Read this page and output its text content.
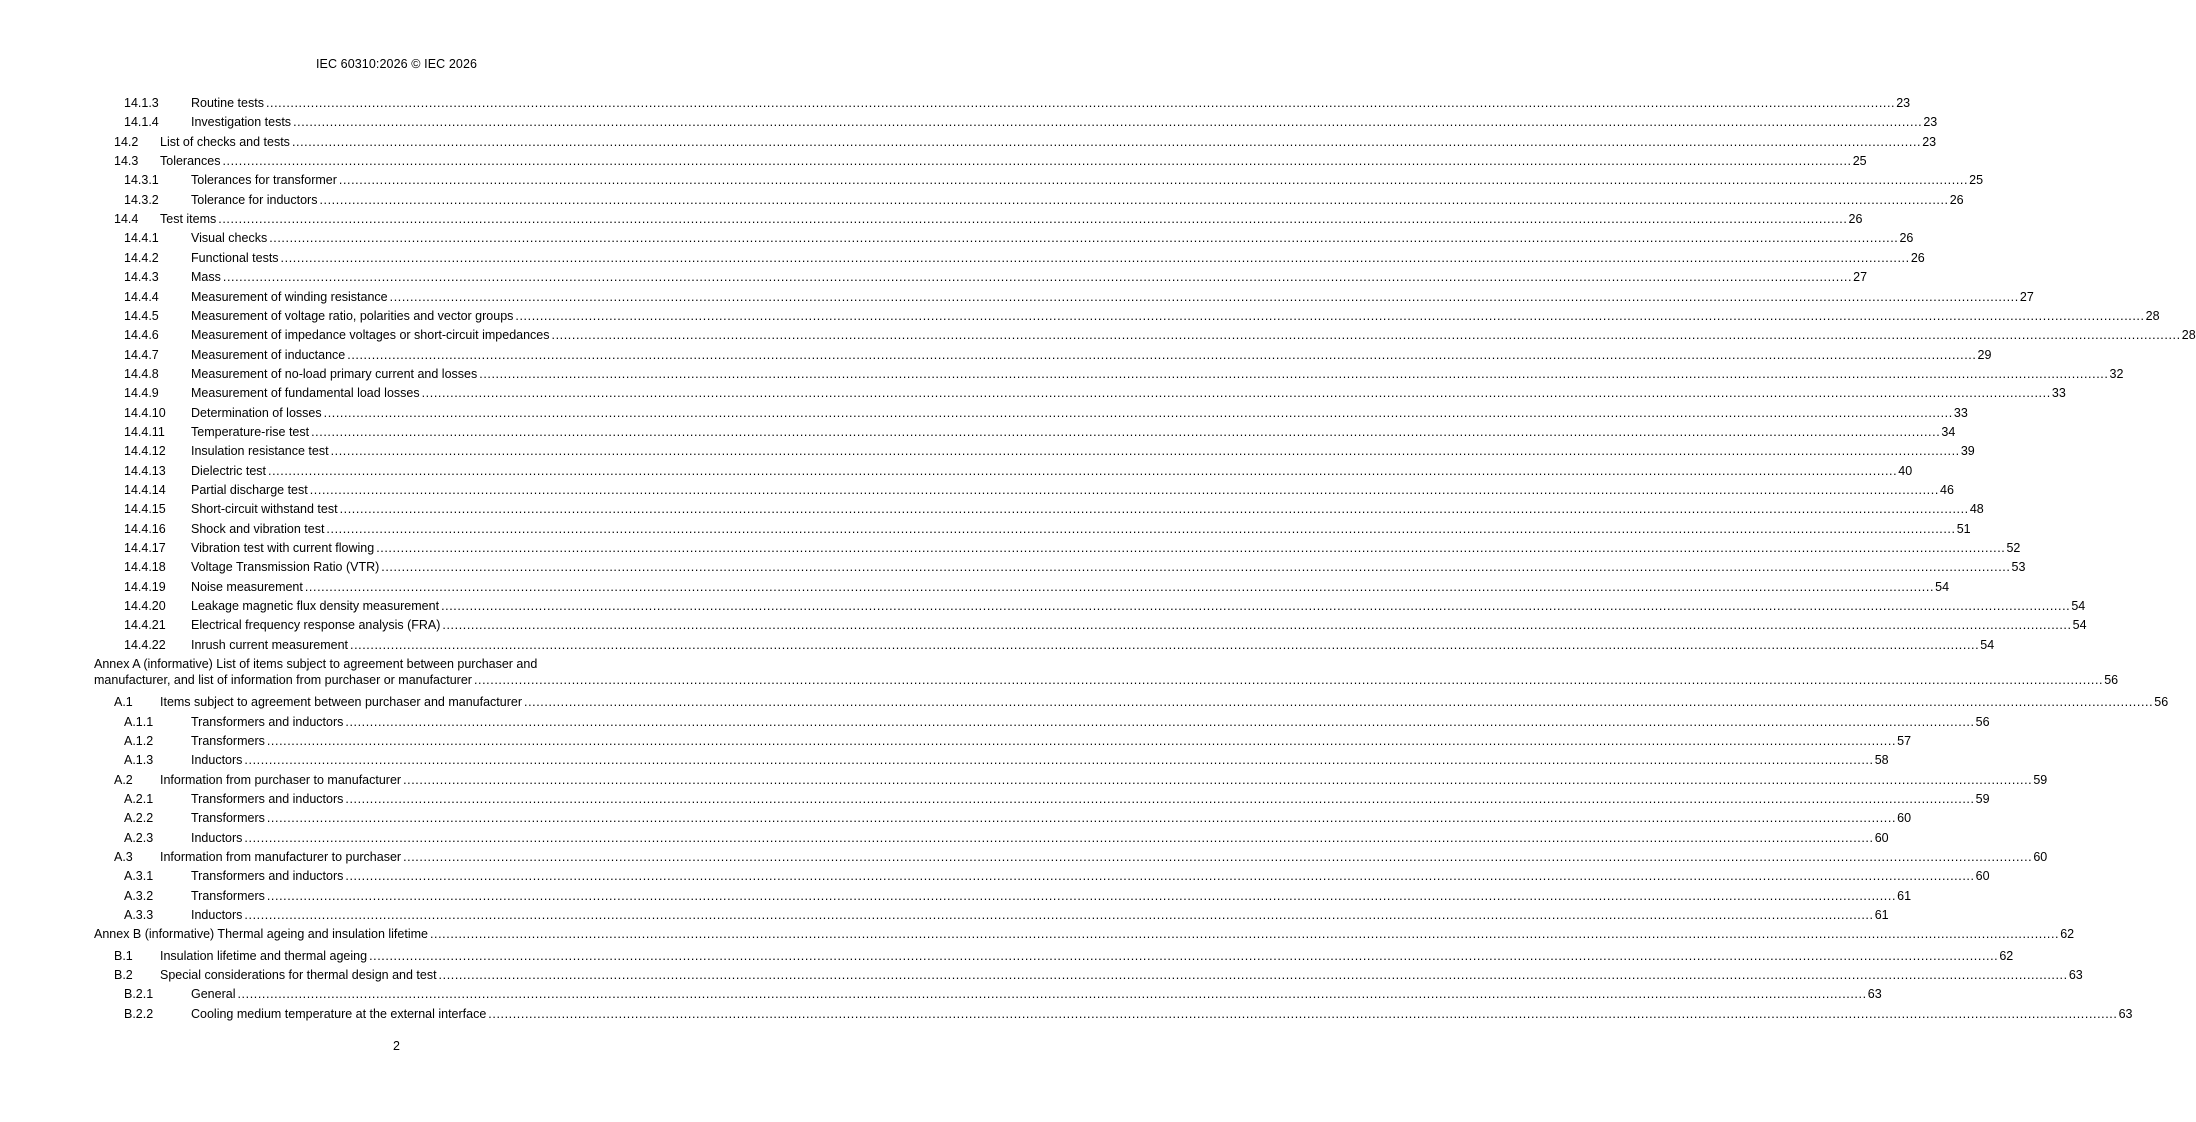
IEC 60310:2026 © IEC 2026
14.1.3	Routine tests ................................................................................................................................................................................................................................................................................................................................................................................................................ 23
14.1.4	Investigation tests ................................................................................................................................................................................................................................................................................................................................................................................................................ 23
14.2 List of checks and tests ................................................................................................................................................................................................................................................................................................................................................................................................................ 23
14.3 Tolerances ................................................................................................................................................................................................................................................................................................................................................................................................................ 25
14.3.1	Tolerances for transformer ................................................................................................................................................................................................................................................................................................................................................................................................................ 25
14.3.2	Tolerance for inductors ................................................................................................................................................................................................................................................................................................................................................................................................................ 26
14.4 Test items ................................................................................................................................................................................................................................................................................................................................................................................................................ 26
14.4.1	Visual checks ................................................................................................................................................................................................................................................................................................................................................................................................................ 26
14.4.2	Functional tests ................................................................................................................................................................................................................................................................................................................................................................................................................ 26
14.4.3	Mass ................................................................................................................................................................................................................................................................................................................................................................................................................ 27
14.4.4	Measurement of winding resistance ................................................................................................................................................................................................................................................................................................................................................................................................................ 27
14.4.5	Measurement of voltage ratio, polarities and vector groups ................................................................................................................................................................................................................................................................................................................................................................................................................ 28
14.4.6	Measurement of impedance voltages or short-circuit impedances ................................................................................................................................................................................................................................................................................................................................................................................................................ 28
14.4.7	Measurement of inductance ................................................................................................................................................................................................................................................................................................................................................................................................................ 29
14.4.8	Measurement of no-load primary current and losses ................................................................................................................................................................................................................................................................................................................................................................................................................ 32
14.4.9	Measurement of fundamental load losses ................................................................................................................................................................................................................................................................................................................................................................................................................ 33
14.4.10 Determination of losses ................................................................................................................................................................................................................................................................................................................................................................................................................ 33
14.4.11 Temperature-rise test ................................................................................................................................................................................................................................................................................................................................................................................................................ 34
14.4.12 Insulation resistance test ................................................................................................................................................................................................................................................................................................................................................................................................................ 39
14.4.13 Dielectric test ................................................................................................................................................................................................................................................................................................................................................................................................................ 40
14.4.14 Partial discharge test ................................................................................................................................................................................................................................................................................................................................................................................................................ 46
14.4.15 Short-circuit withstand test ................................................................................................................................................................................................................................................................................................................................................................................................................ 48
14.4.16 Shock and vibration test ................................................................................................................................................................................................................................................................................................................................................................................................................ 51
14.4.17 Vibration test with current flowing ................................................................................................................................................................................................................................................................................................................................................................................................................ 52
14.4.18 Voltage Transmission Ratio (VTR) ................................................................................................................................................................................................................................................................................................................................................................................................................ 53
14.4.19 Noise measurement ................................................................................................................................................................................................................................................................................................................................................................................................................ 54
14.4.20 Leakage magnetic flux density measurement ................................................................................................................................................................................................................................................................................................................................................................................................................ 54
14.4.21 Electrical frequency response analysis (FRA) ................................................................................................................................................................................................................................................................................................................................................................................................................ 54
14.4.22 Inrush current measurement ................................................................................................................................................................................................................................................................................................................................................................................................................ 54
Annex A (informative) List of items subject to agreement between purchaser and
manufacturer, and list of information from purchaser or manufacturer ................................................................................................................................................................................................................................................................................................................................................................................................................ 56
A.1 Items subject to agreement between purchaser and manufacturer ................................................................................................................................................................................................................................................................................................................................................................................................................ 56
A.1.1	Transformers and inductors ................................................................................................................................................................................................................................................................................................................................................................................................................ 56
A.1.2	Transformers ................................................................................................................................................................................................................................................................................................................................................................................................................ 57
A.1.3	Inductors ................................................................................................................................................................................................................................................................................................................................................................................................................ 58
A.2 Information from purchaser to manufacturer ................................................................................................................................................................................................................................................................................................................................................................................................................ 59
A.2.1	Transformers and inductors ................................................................................................................................................................................................................................................................................................................................................................................................................ 59
A.2.2	Transformers ................................................................................................................................................................................................................................................................................................................................................................................................................ 60
A.2.3	Inductors ................................................................................................................................................................................................................................................................................................................................................................................................................ 60
A.3 Information from manufacturer to purchaser ................................................................................................................................................................................................................................................................................................................................................................................................................ 60
A.3.1	Transformers and inductors ................................................................................................................................................................................................................................................................................................................................................................................................................ 60
A.3.2	Transformers ................................................................................................................................................................................................................................................................................................................................................................................................................ 61
A.3.3	Inductors ................................................................................................................................................................................................................................................................................................................................................................................................................ 61
Annex B (informative) Thermal ageing and insulation lifetime ................................................................................................................................................................................................................................................................................................................................................................................................................ 62
B.1 Insulation lifetime and thermal ageing ................................................................................................................................................................................................................................................................................................................................................................................................................ 62
B.2 Special considerations for thermal design and test ................................................................................................................................................................................................................................................................................................................................................................................................................ 63
B.2.1	General ................................................................................................................................................................................................................................................................................................................................................................................................................ 63
B.2.2	Cooling medium temperature at the external interface ................................................................................................................................................................................................................................................................................................................................................................................................................ 63
2
